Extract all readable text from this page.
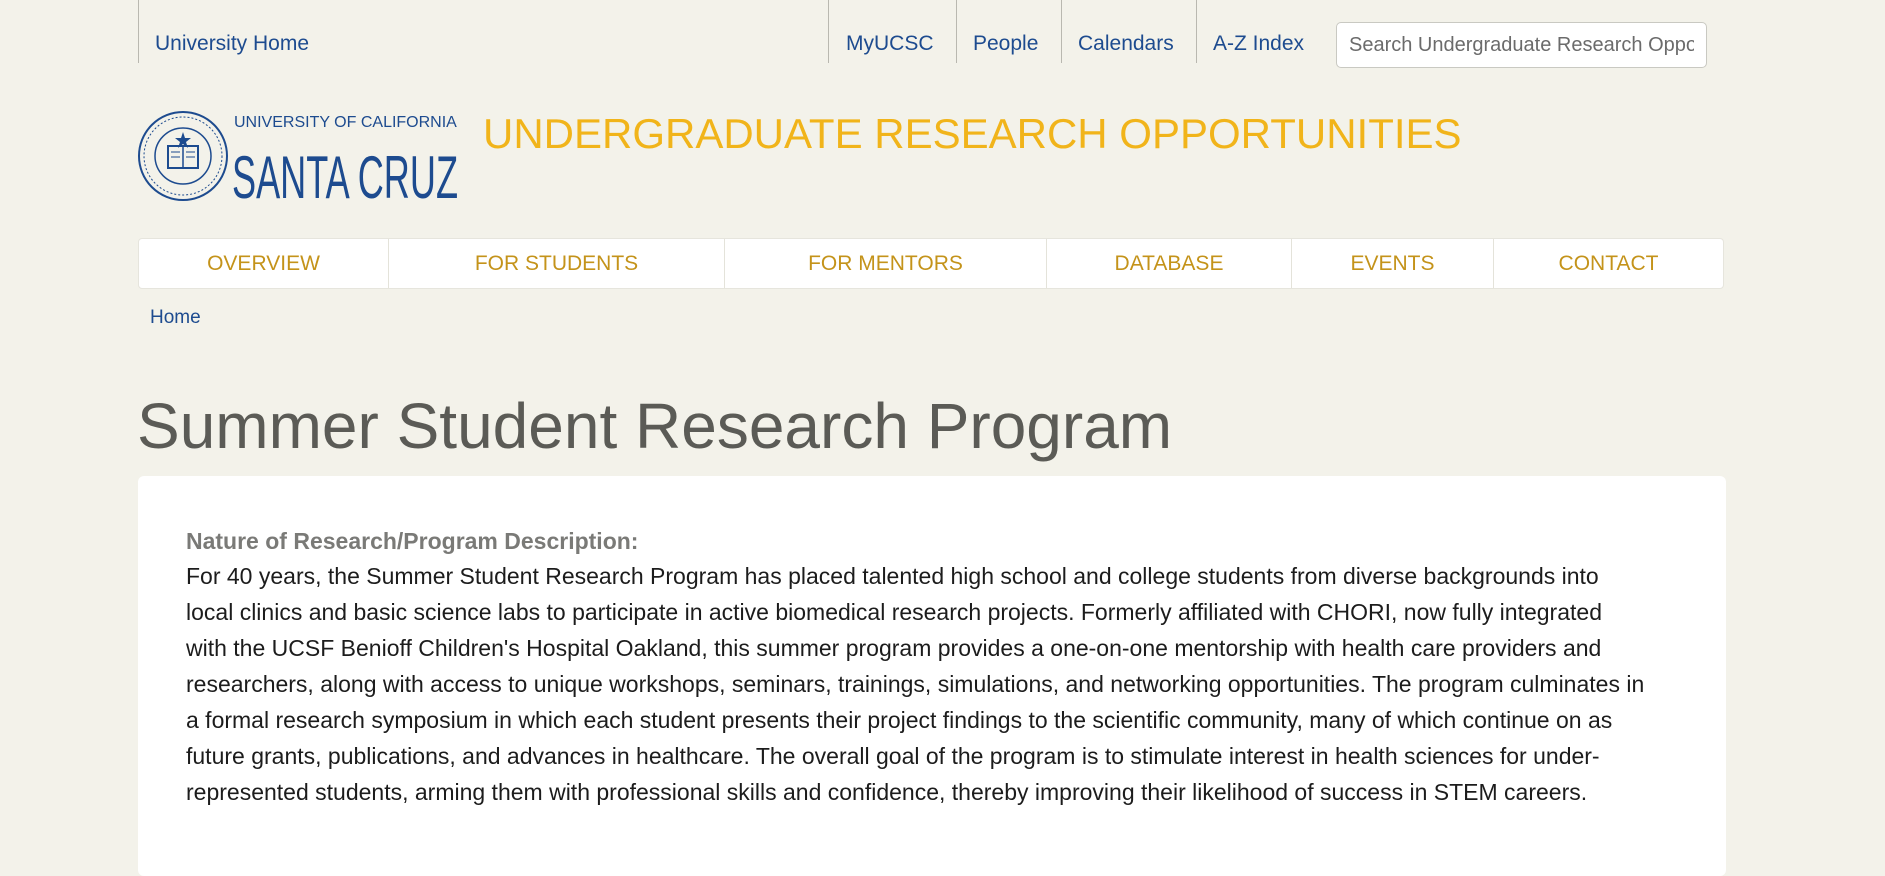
University Home	MyUCSC People Calendars A-Z Index
Search Undergraduate Research Opportunities
UNIVERSITY OF CALIFORNIA
SANTA CRUZ
UNDERGRADUATE RESEARCH OPPORTUNITIES
OVERVIEW	FOR STUDENTS	FOR MENTORS	DATABASE	EVENTS	CONTACT
Home
Summer Student Research Program
Nature of Research/Program Description:

For 40 years, the Summer Student Research Program has placed talented high school and college students from diverse backgrounds into local clinics and basic science labs to participate in active biomedical research projects. Formerly affiliated with CHORI, now fully integrated with the UCSF Benioff Children's Hospital Oakland, this summer program provides a one-on-one mentorship with health care providers and researchers, along with access to unique workshops, seminars, trainings, simulations, and networking opportunities. The program culminates in a formal research symposium in which each student presents their project findings to the scientific community, many of which continue on as future grants, publications, and advances in healthcare. The overall goal of the program is to stimulate interest in health sciences for under-represented students, arming them with professional skills and confidence, thereby improving their likelihood of success in STEM careers.
